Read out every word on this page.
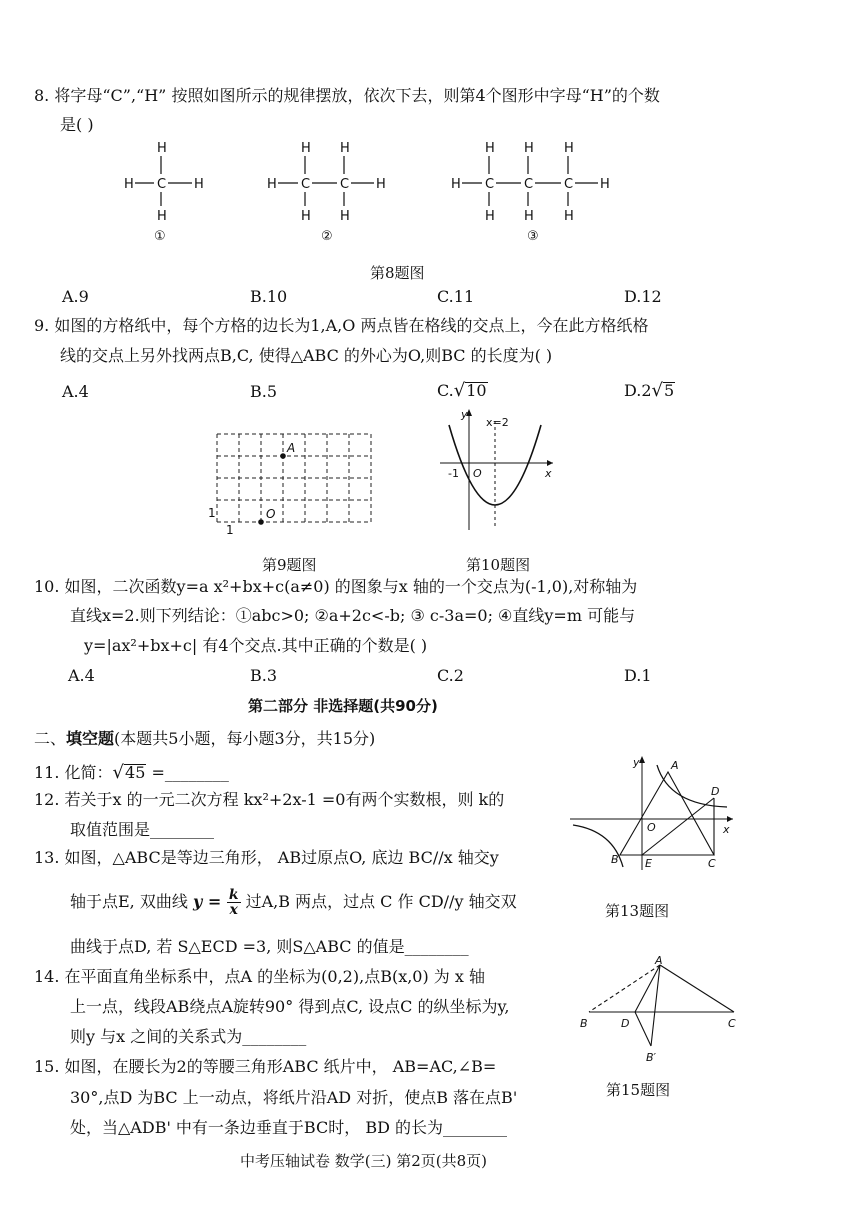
8. 将字母“C”,“H” 按照如图所示的规律摆放，依次下去，则第4个图形中字母“H”的个数
是( )
H
H C H
H
①
H H
H C C H
H H
②
H H H
H C C C H
H H H
③
第8题图
A.9	B.10	C.11	D.12
9. 如图的方格纸中，每个方格的边长为1,A,O 两点皆在格线的交点上，今在此方格纸格
线的交点上另外找两点B,C, 使得△ABC 的外心为O,则BC 的长度为( )
A.4	B.5	C.√10	D.2√5
A
O
1
1
y
x
x=2
-1 O
第9题图	第10题图
10. 如图，二次函数y=a x²+bx+c(a≠0) 的图象与x 轴的一个交点为(-1,0),对称轴为
直线x=2.则下列结论：①abc>0; ②a+2c<-b; ③ c-3a=0; ④直线y=m 可能与
y=|ax²+bx+c| 有4个交点.其中正确的个数是( )
A.4	B.3	C.2	D.1
第二部分 非选择题(共90分)
二、填空题(本题共5小题，每小题3分，共15分)
11. 化简：√45 =________
12. 若关于x 的一元二次方程 kx²+2x-1 =0有两个实数根，则 k的
取值范围是________
13. 如图，△ABC是等边三角形， AB过原点O, 底边 BC//x 轴交y
轴于点E, 双曲线 $y = \frac{k}{x}$ 过A,B 两点，过点 C 作 CD//y 轴交双
曲线于点D, 若 S△ECD =3, 则S△ABC 的值是________
y
x
A
D
O
B E	C
第13题图
14. 在平面直角坐标系中，点A 的坐标为(0,2),点B(x,0) 为 x 轴
上一点，线段AB绕点A旋转90° 得到点C, 设点C 的纵坐标为y,
则y 与x 之间的关系式为________
A
B	D	C
B′
第15题图
15. 如图，在腰长为2的等腰三角形ABC 纸片中， AB=AC,∠B=
30°,点D 为BC 上一动点，将纸片沿AD 对折，使点B 落在点B'
处，当△ADB' 中有一条边垂直于BC时， BD 的长为________
中考压轴试卷 数学(三) 第2页(共8页)
